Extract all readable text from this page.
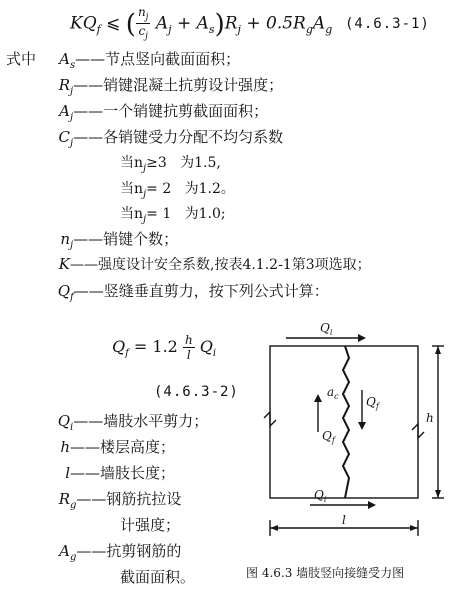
$KQ_f$ ⩽ ( $\frac{n_j}{c_j} A_j + A_s)R_j + 0.5R_gA_g$ (4.6.3-1)
式中	$A_s——$节点竖向截面面积；
$R_j——$销键混凝土抗剪设计强度；
$A_j——$一个销键抗剪截面面积；
$C_j——$各销键受力分配不均匀系数
当$n_j\ge 3$ 为1.5,
当$n_j= 2$ 为1.2。
当$n_j= 1$ 为1.0;
$n_j——$销键个数；
K——强度设计安全系数,按表4.1.2-1第3项选取；
$Q_f——$竖缝垂直剪力，按下列公式计算：
$Q_f = 1.2 \frac{h}{l} Q_i$
(4.6.3-2)
$Q_i——$墙肢水平剪力；
h——楼层高度；
l——墙肢长度；
$R_g——$钢筋抗拉设
计强度；
$A_g——$抗剪钢筋的
截面面积。
$Q_i$
$Q_i$
$a_c$ $Q_f$
$Q_f$
h
l
图 4.6.3 墙肢竖向接缝受力图
